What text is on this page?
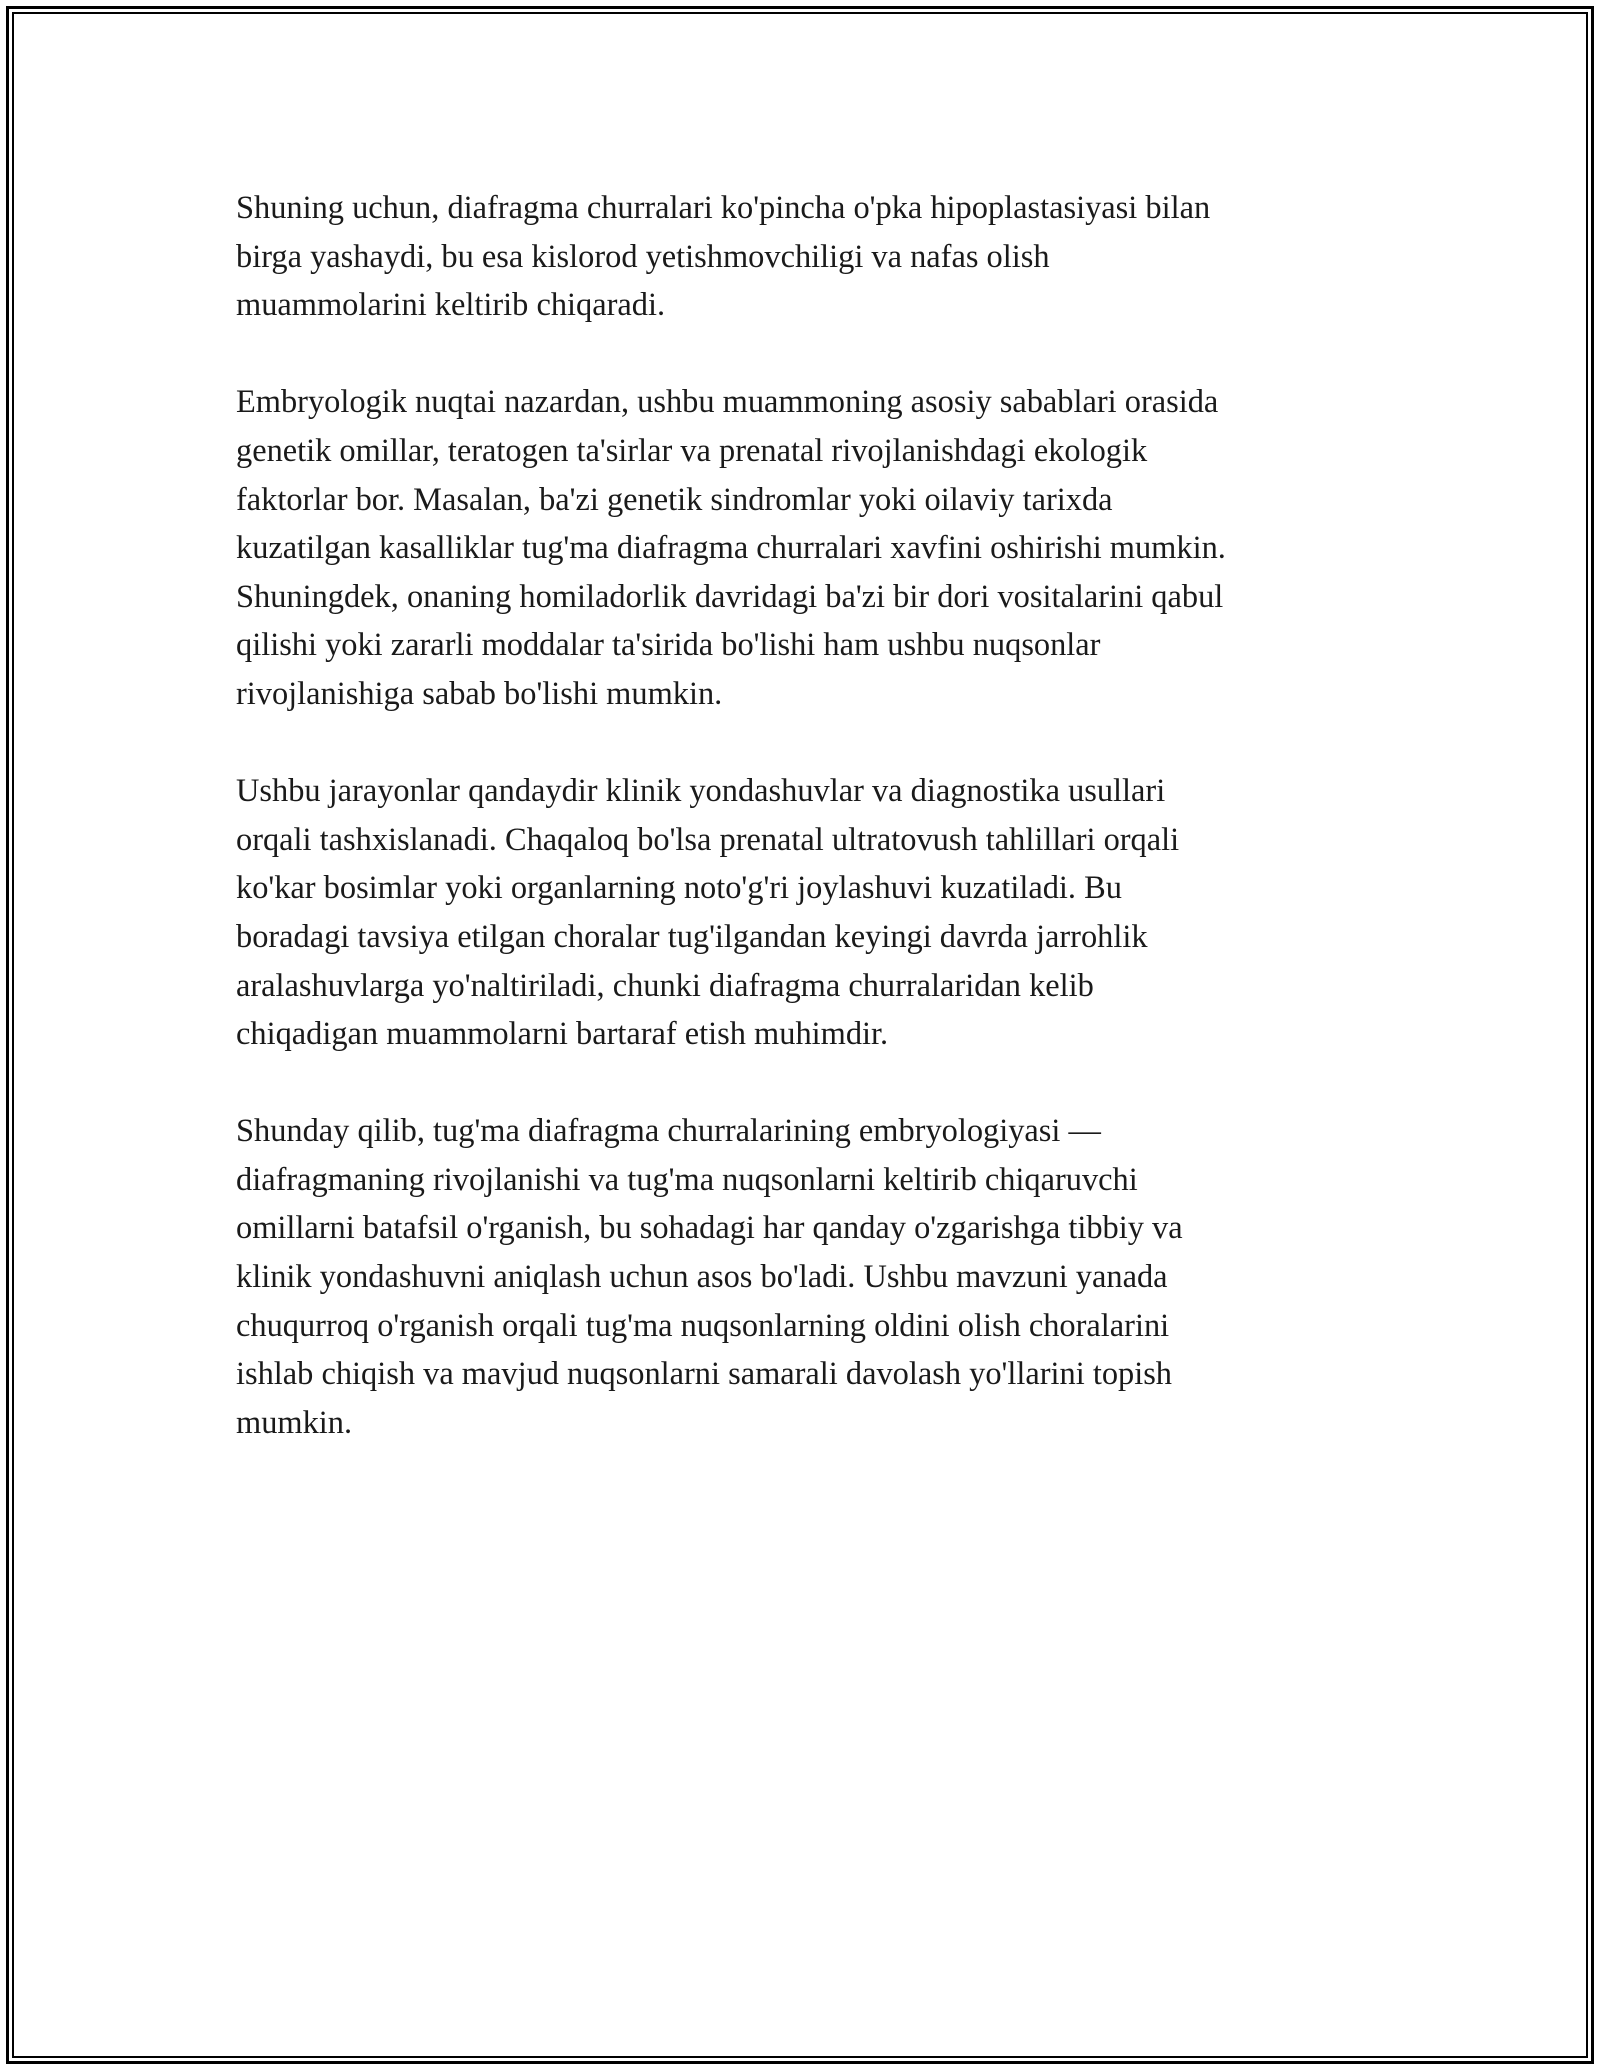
Shuning uchun, diafragma churralari ko'pincha o'pka hipoplastasiyasi bilan
birga yashaydi, bu esa kislorod yetishmovchiligi va nafas olish
muammolarini keltirib chiqaradi.

Embryologik nuqtai nazardan, ushbu muammoning asosiy sabablari orasida
genetik omillar, teratogen ta'sirlar va prenatal rivojlanishdagi ekologik
faktorlar bor. Masalan, ba'zi genetik sindromlar yoki oilaviy tarixda
kuzatilgan kasalliklar tug'ma diafragma churralari xavfini oshirishi mumkin.
Shuningdek, onaning homiladorlik davridagi ba'zi bir dori vositalarini qabul
qilishi yoki zararli moddalar ta'sirida bo'lishi ham ushbu nuqsonlar
rivojlanishiga sabab bo'lishi mumkin.

Ushbu jarayonlar qandaydir klinik yondashuvlar va diagnostika usullari
orqali tashxislanadi. Chaqaloq bo'lsa prenatal ultratovush tahlillari orqali
ko'kar bosimlar yoki organlarning noto'g'ri joylashuvi kuzatiladi. Bu
boradagi tavsiya etilgan choralar tug'ilgandan keyingi davrda jarrohlik
aralashuvlarga yo'naltiriladi, chunki diafragma churralaridan kelib
chiqadigan muammolarni bartaraf etish muhimdir.

Shunday qilib, tug'ma diafragma churralarining embryologiyasi —
diafragmaning rivojlanishi va tug'ma nuqsonlarni keltirib chiqaruvchi
omillarni batafsil o'rganish, bu sohadagi har qanday o'zgarishga tibbiy va
klinik yondashuvni aniqlash uchun asos bo'ladi. Ushbu mavzuni yanada
chuqurroq o'rganish orqali tug'ma nuqsonlarning oldini olish choralarini
ishlab chiqish va mavjud nuqsonlarni samarali davolash yo'llarini topish
mumkin.
